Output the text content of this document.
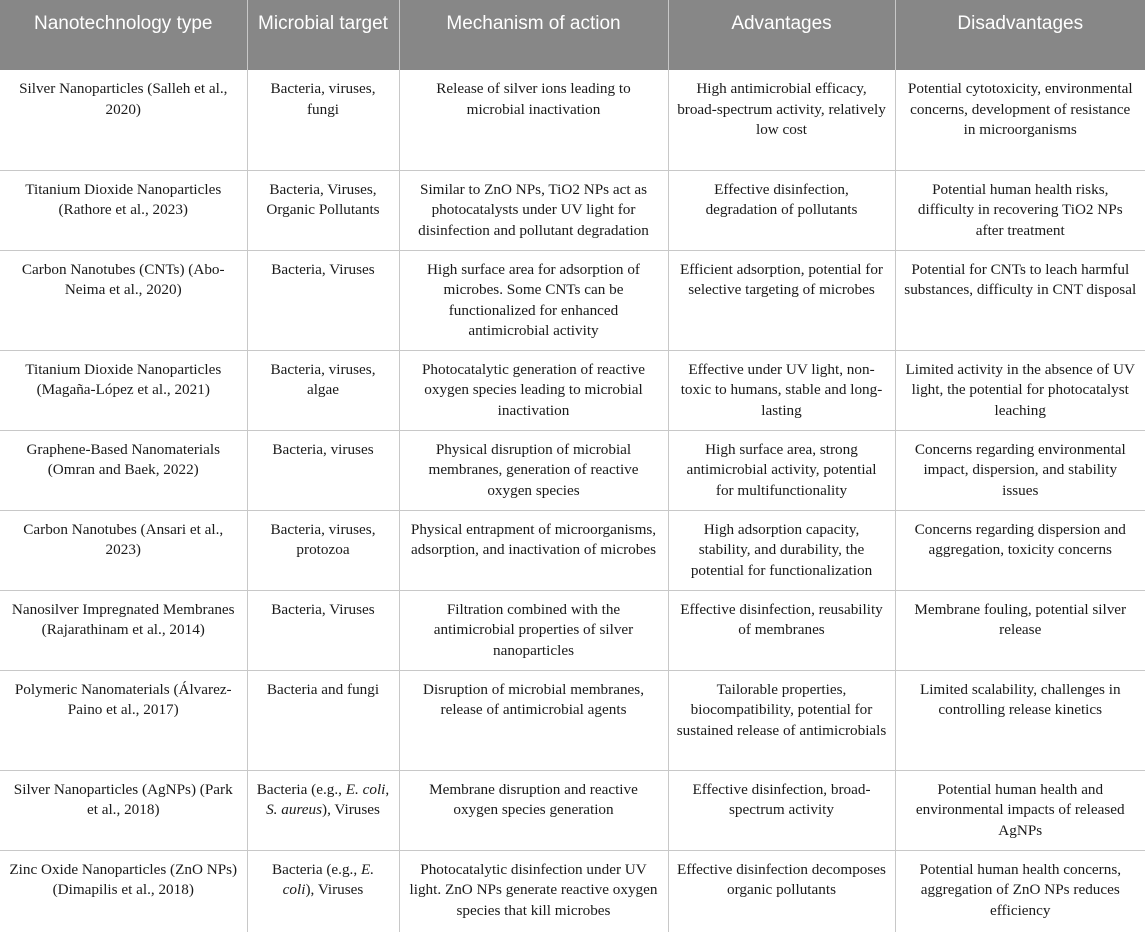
Nanotechnology type	Microbial target	Mechanism of action	Advantages	Disadvantages
Silver Nanoparticles (Salleh et al., 2020)	Bacteria, viruses, fungi	Release of silver ions leading to microbial inactivation	High antimicrobial efficacy, broad-spectrum activity, relatively low cost	Potential cytotoxicity, environmental concerns, development of resistance in microorganisms
Titanium Dioxide Nanoparticles (Rathore et al., 2023)	Bacteria, Viruses, Organic Pollutants	Similar to ZnO NPs, TiO2 NPs act as photocatalysts under UV light for disinfection and pollutant degradation	Effective disinfection, degradation of pollutants	Potential human health risks, difficulty in recovering TiO2 NPs after treatment
Carbon Nanotubes (CNTs) (Abo-Neima et al., 2020)	Bacteria, Viruses	High surface area for adsorption of microbes. Some CNTs can be functionalized for enhanced antimicrobial activity	Efficient adsorption, potential for selective targeting of microbes	Potential for CNTs to leach harmful substances, difficulty in CNT disposal
Titanium Dioxide Nanoparticles (Magaña-López et al., 2021)	Bacteria, viruses, algae	Photocatalytic generation of reactive oxygen species leading to microbial inactivation	Effective under UV light, non-toxic to humans, stable and long-lasting	Limited activity in the absence of UV light, the potential for photocatalyst leaching
Graphene-Based Nanomaterials (Omran and Baek, 2022)	Bacteria, viruses	Physical disruption of microbial membranes, generation of reactive oxygen species	High surface area, strong antimicrobial activity, potential for multifunctionality	Concerns regarding environmental impact, dispersion, and stability issues
Carbon Nanotubes (Ansari et al., 2023)	Bacteria, viruses, protozoa	Physical entrapment of microorganisms, adsorption, and inactivation of microbes	High adsorption capacity, stability, and durability, the potential for functionalization	Concerns regarding dispersion and aggregation, toxicity concerns
Nanosilver Impregnated Membranes (Rajarathinam et al., 2014)	Bacteria, Viruses	Filtration combined with the antimicrobial properties of silver nanoparticles	Effective disinfection, reusability of membranes	Membrane fouling, potential silver release
Polymeric Nanomaterials (Álvarez-Paino et al., 2017)	Bacteria and fungi	Disruption of microbial membranes, release of antimicrobial agents	Tailorable properties, biocompatibility, potential for sustained release of antimicrobials	Limited scalability, challenges in controlling release kinetics
Silver Nanoparticles (AgNPs) (Park et al., 2018)	Bacteria (e.g., E. coli, S. aureus), Viruses	Membrane disruption and reactive oxygen species generation	Effective disinfection, broad-spectrum activity	Potential human health and environmental impacts of released AgNPs
Zinc Oxide Nanoparticles (ZnO NPs) (Dimapilis et al., 2018)	Bacteria (e.g., E. coli), Viruses	Photocatalytic disinfection under UV light. ZnO NPs generate reactive oxygen species that kill microbes	Effective disinfection decomposes organic pollutants	Potential human health concerns, aggregation of ZnO NPs reduces efficiency
